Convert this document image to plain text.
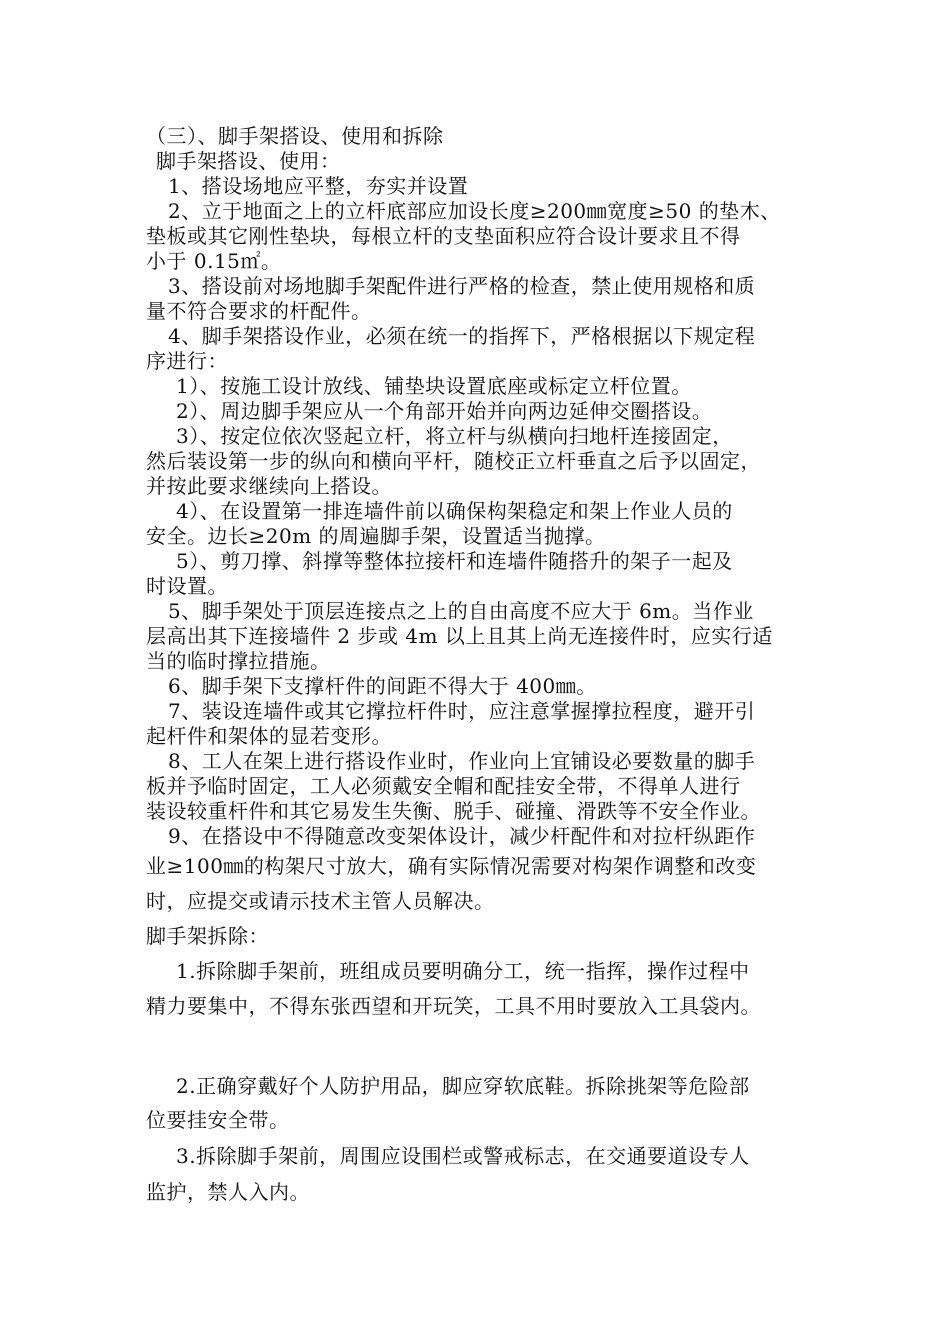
（三）、脚手架搭设、使用和拆除
脚手架搭设、使用：
1、搭设场地应平整，夯实并设置
2、立于地面之上的立杆底部应加设长度≥200㎜宽度≥50 的垫木、
垫板或其它刚性垫块，每根立杆的支垫面积应符合设计要求且不得
小于 0.15㎡。
3、搭设前对场地脚手架配件进行严格的检查，禁止使用规格和质
量不符合要求的杆配件。
4、脚手架搭设作业，必须在统一的指挥下，严格根据以下规定程
序进行：
1）、按施工设计放线、铺垫块设置底座或标定立杆位置。
2）、周边脚手架应从一个角部开始并向两边延伸交圈搭设。
3）、按定位依次竖起立杆，将立杆与纵横向扫地杆连接固定，
然后装设第一步的纵向和横向平杆，随校正立杆垂直之后予以固定，
并按此要求继续向上搭设。
4）、在设置第一排连墙件前以确保构架稳定和架上作业人员的
安全。边长≥20m 的周遍脚手架，设置适当抛撑。
5）、剪刀撑、斜撑等整体拉接杆和连墙件随搭升的架子一起及
时设置。
5、脚手架处于顶层连接点之上的自由高度不应大于 6m。当作业
层高出其下连接墙件 2 步或 4m 以上且其上尚无连接件时，应实行适
当的临时撑拉措施。
6、脚手架下支撑杆件的间距不得大于 400㎜。
7、装设连墙件或其它撑拉杆件时，应注意掌握撑拉程度，避开引
起杆件和架体的显若变形。
8、工人在架上进行搭设作业时，作业向上宜铺设必要数量的脚手
板并予临时固定，工人必须戴安全帽和配挂安全带，不得单人进行
装设较重杆件和其它易发生失衡、脱手、碰撞、滑跌等不安全作业。
9、在搭设中不得随意改变架体设计，减少杆配件和对拉杆纵距作
业≥100㎜的构架尺寸放大，确有实际情况需要对构架作调整和改变
时，应提交或请示技术主管人员解决。
脚手架拆除：
1.拆除脚手架前，班组成员要明确分工，统一指挥，操作过程中
精力要集中，不得东张西望和开玩笑，工具不用时要放入工具袋内。
2.正确穿戴好个人防护用品，脚应穿软底鞋。拆除挑架等危险部
位要挂安全带。
3.拆除脚手架前，周围应设围栏或警戒标志，在交通要道设专人
监护，禁人入内。
